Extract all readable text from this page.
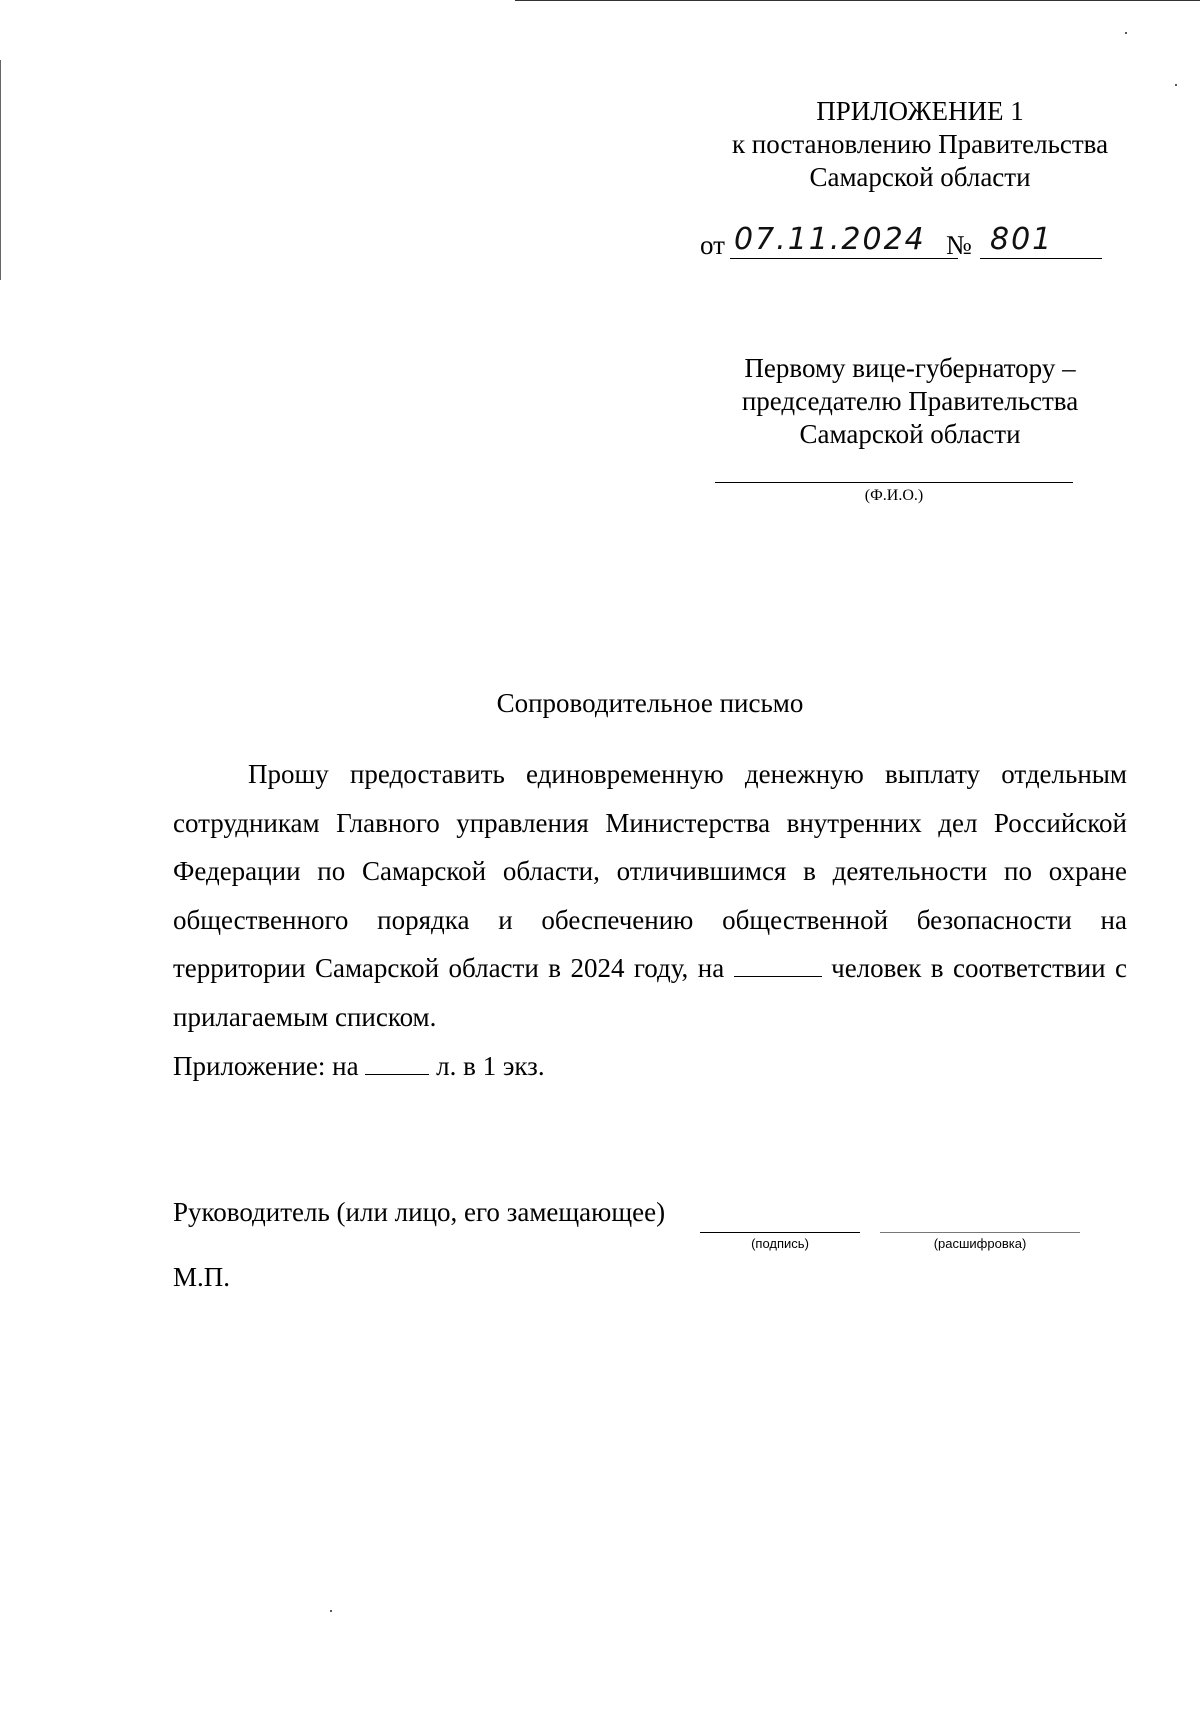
ПРИЛОЖЕНИЕ 1
к постановлению Правительства
Самарской области
от 07.11.2024 № 801
Первому вице-губернатору –
председателю Правительства
Самарской области
(Ф.И.О.)
Сопроводительное письмо
Прошу предоставить единовременную денежную выплату отдельным сотрудникам Главного управления Министерства внутренних дел Российской Федерации по Самарской области, отличившимся в деятельности по охране общественного порядка и обеспечению общественной безопасности на территории Самарской области в 2024 году, на	человек в соответствии с прилагаемым списком.
Приложение: на	л. в 1 экз.
Руководитель (или лицо, его замещающее)
(подпись)	(расшифровка)
М.П.
